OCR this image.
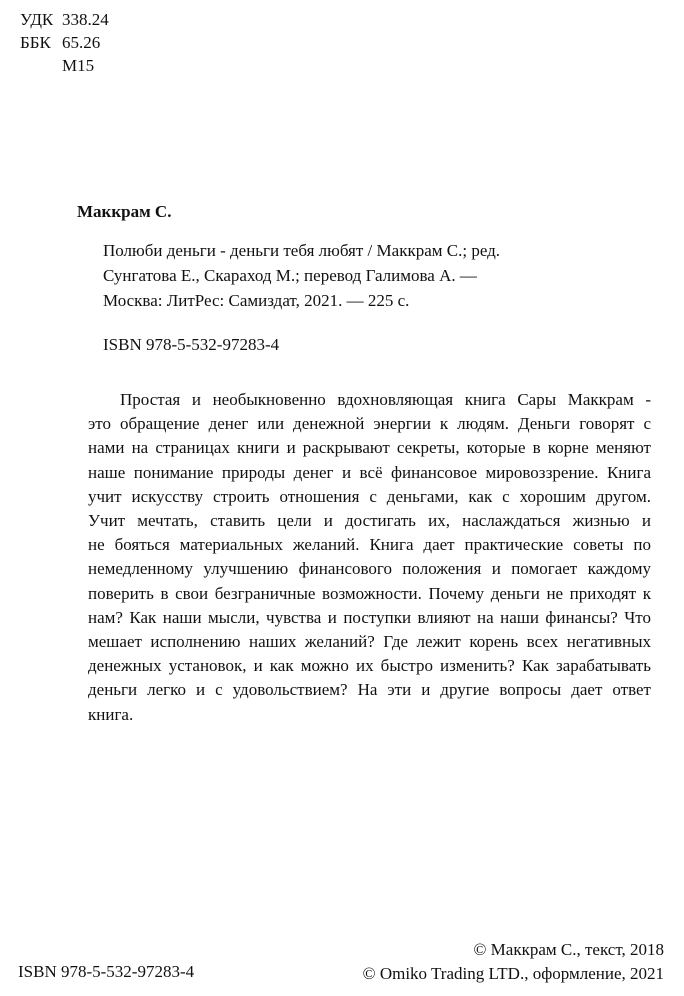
УДК 338.24
ББК 65.26
М15
Маккрам С.
Полюби деньги - деньги тебя любят / Маккрам С.; ред.
Сунгатова Е., Скараход М.; перевод Галимова А. —
Москва: ЛитРес: Самиздат, 2021. — 225 с.
ISBN 978-5-532-97283-4
Простая и необыкновенно вдохновляющая книга Сары Маккрам -
это обращение денег или денежной энергии к людям. Деньги говорят с
нами на страницах книги и раскрывают секреты, которые в корне меняют
наше понимание природы денег и всё финансовое мировоззрение. Книга
учит искусству строить отношения с деньгами, как с хорошим другом.
Учит мечтать, ставить цели и достигать их, наслаждаться жизнью и
не бояться материальных желаний. Книга дает практические советы по
немедленному улучшению финансового положения и помогает каждому
поверить в свои безграничные возможности. Почему деньги не приходят к
нам? Как наши мысли, чувства и поступки влияют на наши финансы? Что
мешает исполнению наших желаний? Где лежит корень всех негативных
денежных установок, и как можно их быстро изменить? Как зарабатывать
деньги легко и с удовольствием? На эти и другие вопросы дает ответ
книга.
© Маккрам С., текст, 2018
© Omiko Trading LTD., оформление, 2021
ISBN 978-5-532-97283-4
